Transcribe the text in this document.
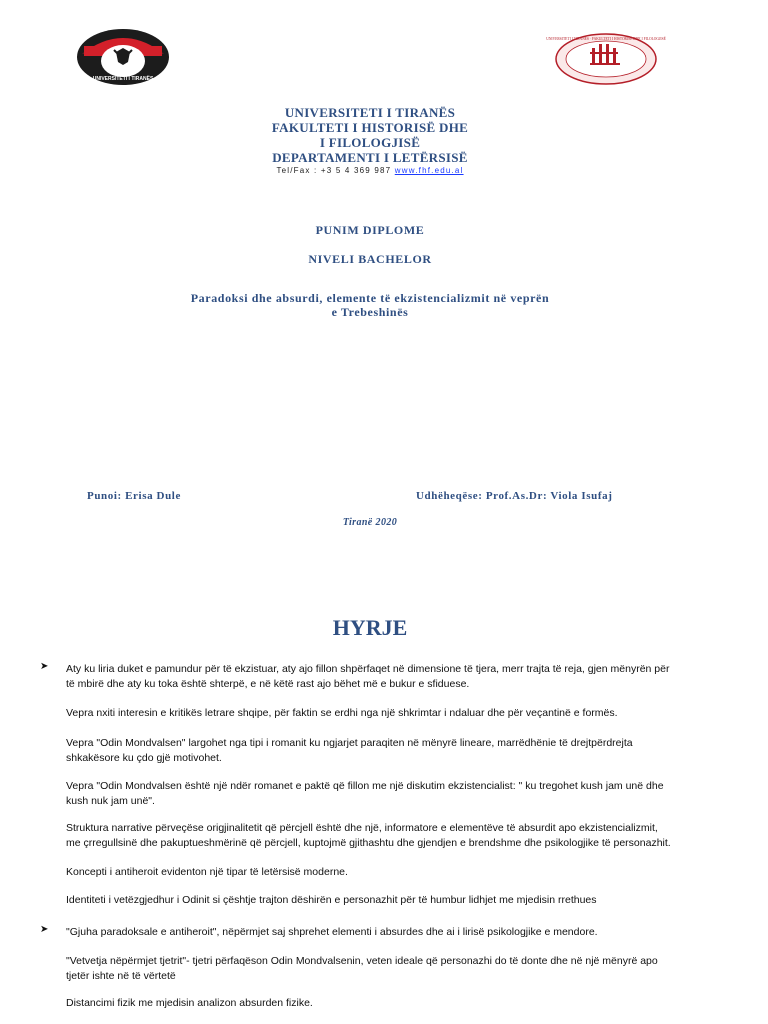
UNIVERSITETI I TIRANËS
UNIVERSITETI I TIRANËS · FAKULTETI I HISTORISË DHE I FILOLOGJISË
UNIVERSITETI I TIRANËS
FAKULTETI I HISTORISË DHE
I FILOLOGJISË
DEPARTAMENTI I LETËRSISË
Tel/Fax : +3 5 4 369 987 www.fhf.edu.al
PUNIM DIPLOME
NIVELI BACHELOR
Paradoksi dhe absurdi, elemente të ekzistencializmit në veprën
e Trebeshinës
Punoi: Erisa Dule	Udhëheqëse: Prof.As.Dr: Viola Isufaj
Tiranë 2020
HYRJE
➤ Aty ku liria duket e pamundur për të ekzistuar, aty ajo fillon shpërfaqet në dimensione të tjera, merr trajta të reja, gjen mënyrën për
të mbirë dhe aty ku toka është shterpë, e në këtë rast ajo bëhet më e bukur e sfiduese.
Vepra nxiti interesin e kritikës letrare shqipe, për faktin se erdhi nga një shkrimtar i ndaluar dhe për veçantinë e formës.
Vepra "Odin Mondvalsen" largohet nga tipi i romanit ku ngjarjet paraqiten në mënyrë lineare, marrëdhënie të drejtpërdrejta
shkakësore ku çdo gjë motivohet.
Vepra "Odin Mondvalsen është një ndër romanet e paktë që fillon me një diskutim ekzistencialist: " ku tregohet kush jam unë dhe
kush nuk jam unë".
Struktura narrative përveçëse origjinalitetit që përcjell është dhe një, informatore e elementëve të absurdit apo ekzistencializmit,
me çrregullsinë dhe pakuptueshmërinë që përcjell, kuptojmë gjithashtu dhe gjendjen e brendshme dhe psikologjike të personazhit.
Koncepti i antiheroit evidenton një tipar të letërsisë moderne.
Identiteti i vetëzgjedhur i Odinit si çështje trajton dëshirën e personazhit për të humbur lidhjet me mjedisin rrethues
➤ "Gjuha paradoksale e antiheroit", nëpërmjet saj shprehet elementi i absurdes dhe ai i lirisë psikologjike e mendore.
"Vetvetja nëpërmjet tjetrit"- tjetri përfaqëson Odin Mondvalsenin, veten ideale që personazhi do të donte dhe në një mënyrë apo
tjetër ishte në të vërtetë
Distancimi fizik me mjedisin analizon absurden fizike.
